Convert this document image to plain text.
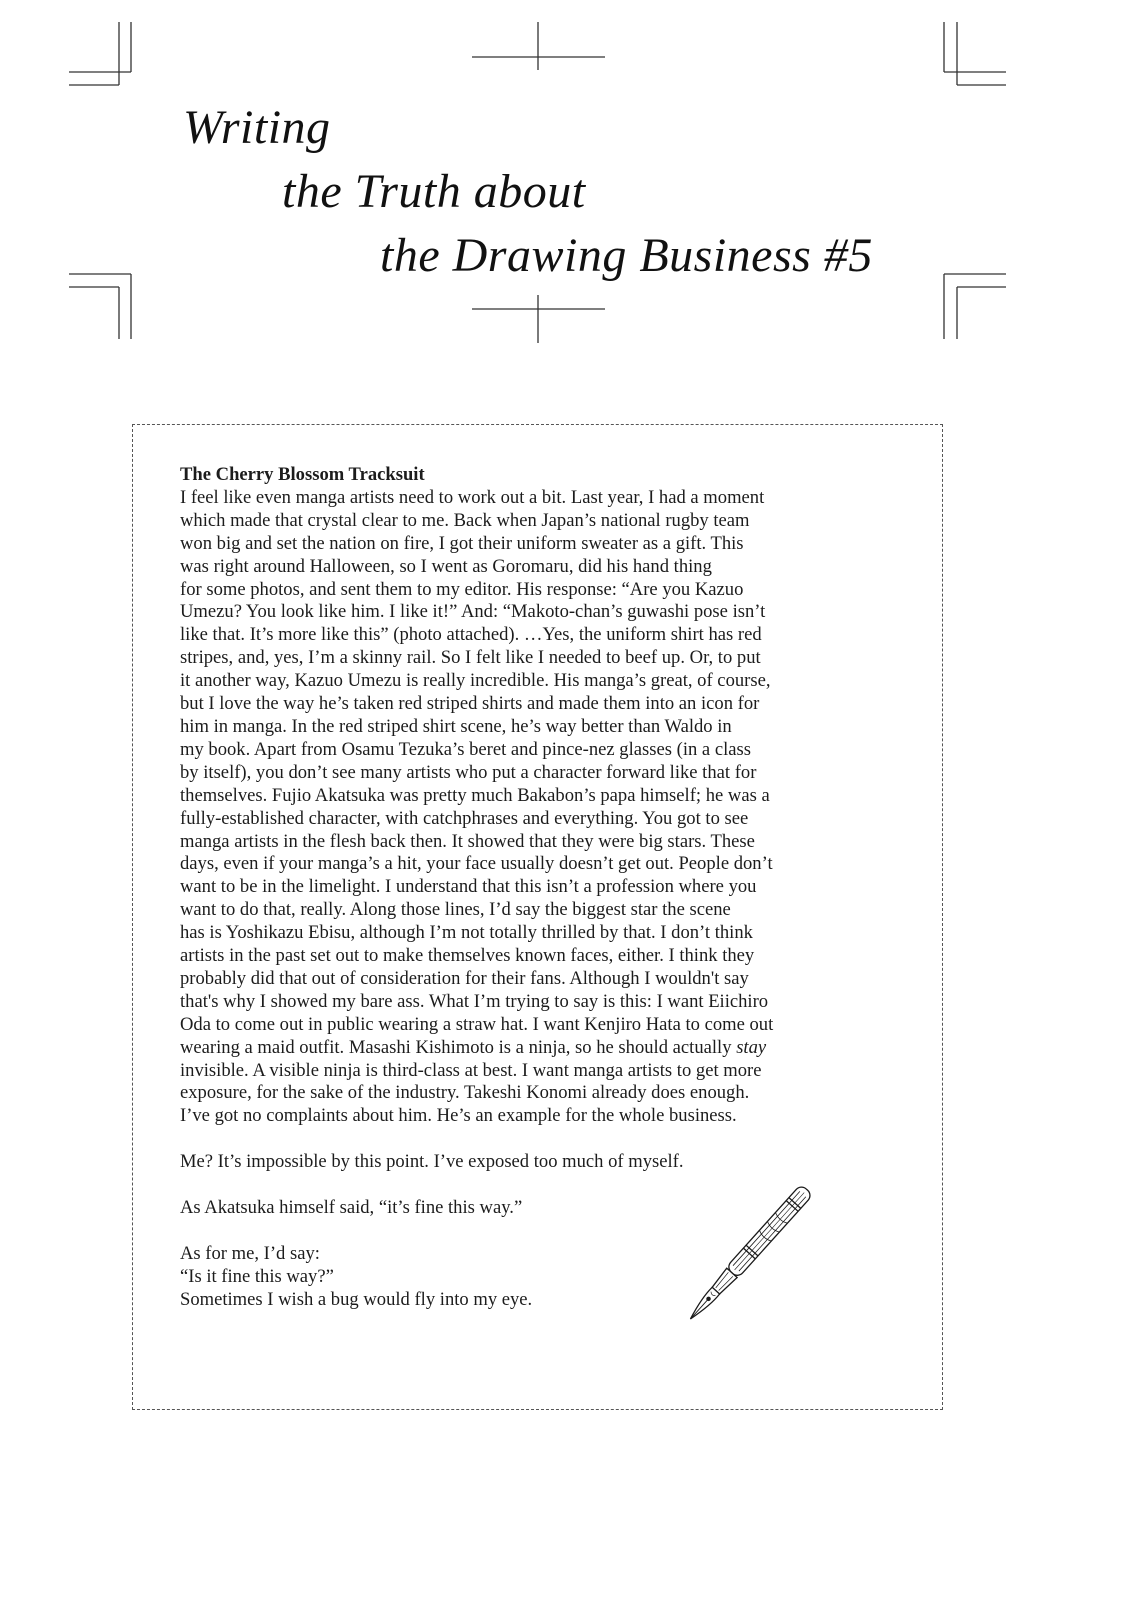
Writing
the Truth about
the Drawing Business #5

The Cherry Blossom Tracksuit

I feel like even manga artists need to work out a bit. Last year, I had a moment
which made that crystal clear to me. Back when Japan’s national rugby team
won big and set the nation on fire, I got their uniform sweater as a gift. This
was right around Halloween, so I went as Goromaru, did his hand thing
for some photos, and sent them to my editor. His response: “Are you Kazuo
Umezu? You look like him. I like it!” And: “Makoto-chan’s guwashi pose isn’t
like that. It’s more like this” (photo attached). …Yes, the uniform shirt has red
stripes, and, yes, I’m a skinny rail. So I felt like I needed to beef up. Or, to put
it another way, Kazuo Umezu is really incredible. His manga’s great, of course,
but I love the way he’s taken red striped shirts and made them into an icon for
him in manga. In the red striped shirt scene, he’s way better than Waldo in
my book. Apart from Osamu Tezuka’s beret and pince-nez glasses (in a class
by itself), you don’t see many artists who put a character forward like that for
themselves. Fujio Akatsuka was pretty much Bakabon’s papa himself; he was a
fully-established character, with catchphrases and everything. You got to see
manga artists in the flesh back then. It showed that they were big stars. These
days, even if your manga’s a hit, your face usually doesn’t get out. People don’t
want to be in the limelight. I understand that this isn’t a profession where you
want to do that, really. Along those lines, I’d say the biggest star the scene
has is Yoshikazu Ebisu, although I’m not totally thrilled by that. I don’t think
artists in the past set out to make themselves known faces, either. I think they
probably did that out of consideration for their fans. Although I wouldn't say
that's why I showed my bare ass. What I’m trying to say is this: I want Eiichiro
Oda to come out in public wearing a straw hat. I want Kenjiro Hata to come out
wearing a maid outfit. Masashi Kishimoto is a ninja, so he should actually stay
invisible. A visible ninja is third-class at best. I want manga artists to get more
exposure, for the sake of the industry. Takeshi Konomi already does enough.
I’ve got no complaints about him. He’s an example for the whole business.

Me? It’s impossible by this point. I’ve exposed too much of myself.

As Akatsuka himself said, “it’s fine this way.”

As for me, I’d say:
“Is it fine this way?”
Sometimes I wish a bug would fly into my eye.
